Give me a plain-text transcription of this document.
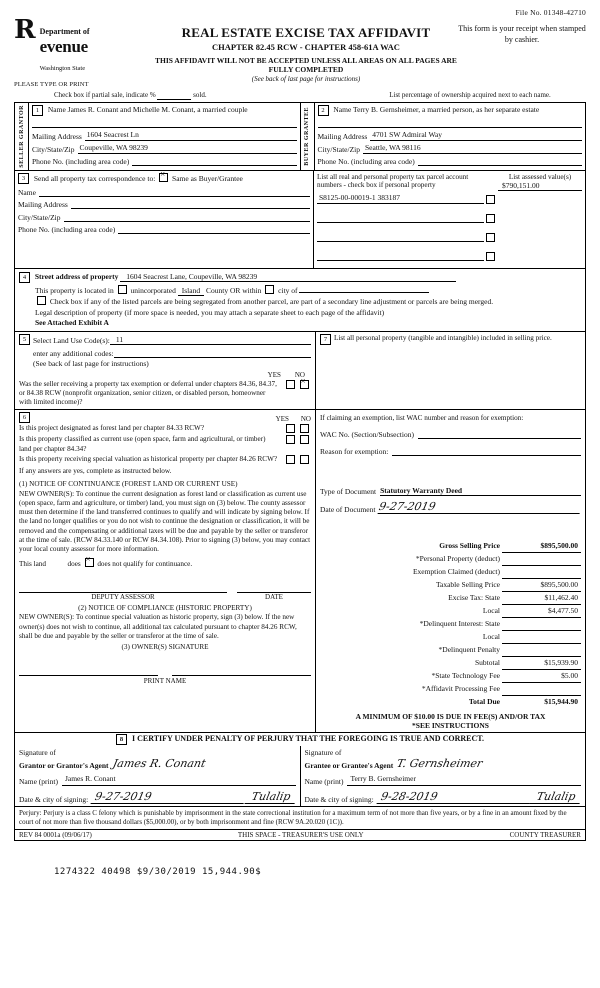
File No. 01348-42710
R Department of
evenue
Washington State
PLEASE TYPE OR PRINT
REAL ESTATE EXCISE TAX AFFIDAVIT
CHAPTER 82.45 RCW - CHAPTER 458-61A WAC
THIS AFFIDAVIT WILL NOT BE ACCEPTED UNLESS ALL AREAS ON ALL PAGES ARE FULLY COMPLETED
(See back of last page for instructions)
This form is your receipt when stamped by cashier.
Check box if partial sale, indicate %	sold.	List percentage of ownership acquired next to each name.
SELLER GRANTOR	1 Name James R. Conant and Michelle M. Conant, a married couple
Mailing Address 1604 Seacrest Ln
City/State/Zip Coupeville, WA 98239
Phone No. (including area code)	BUYER GRANTEE	2 Name Terry B. Gernsheimer, a married person, as her separate estate
Mailing Address 4701 SW Admiral Way
City/State/Zip Seattle, WA 98116
Phone No. (including area code)
3 Send all property tax correspondence to: × Same as Buyer/Grantee
Name
Mailing Address
City/State/Zip
Phone No. (including area code)
List all real and personal property tax parcel account numbers - check box if personal property
S8125-00-00019-1 383187
List assessed value(s)
$790,151.00
4 Street address of property 1604 Seacrest Lane, Coupeville, WA 98239
This property is located in unincorporated Island County OR within city of
Check box if any of the listed parcels are being segregated from another parcel, are part of a secondary line adjustment or parcels are being merged.
Legal description of property (if more space is needed, you may attach a separate sheet to each page of the affidavit)
See Attached Exhibit A
5 Select Land Use Code(s): 11
enter any additional codes:
(See back of last page for instructions)
YES NO
Was the seller receiving a property tax exemption or deferral under chapters 84.36, 84.37, or 84.38 RCW (nonprofit organization, senior citizen, or disabled person, homeowner with limited income)?
×
7 List all personal property (tangible and intangible) included in selling price.
6	YES NO
Is this project designated as forest land per chapter 84.33 RCW?
Is this property classified as current use (open space, farm and agricultural, or timber) land per chapter 84.34?
Is this property receiving special valuation as historical property per chapter 84.26 RCW?
If any answers are yes, complete as instructed below.
(1) NOTICE OF CONTINUANCE (FOREST LAND OR CURRENT USE)
NEW OWNER(S): To continue the current designation as forest land or classification as current use (open space, farm and agriculture, or timber) land, you must sign on (3) below. The county assessor must then determine if the land transferred continues to qualify and will indicate by signing below. If the land no longer qualifies or you do not wish to continue the designation or classification, it will be removed and the compensating or additional taxes will be due and payable by the seller or transferor at the time of sale. (RCW 84.33.140 or RCW 84.34.108). Prior to signing (3) below, you may contact your local county assessor for more information.
This land	does × does not qualify for continuance.
DEPUTY ASSESSOR	DATE
(2) NOTICE OF COMPLIANCE (HISTORIC PROPERTY)
NEW OWNER(S): To continue special valuation as historic property, sign (3) below. If the new owner(s) does not wish to continue, all additional tax calculated pursuant to chapter 84.26 RCW, shall be due and payable by the seller or transferor at the time of sale.
(3) OWNER(S) SIGNATURE
PRINT NAME
If claiming an exemption, list WAC number and reason for exemption:
WAC No. (Section/Subsection)
Reason for exemption:
Type of Document Statutory Warranty Deed
Date of Document 9-27-2019
Gross Selling Price	$895,500.00
*Personal Property (deduct)	
Exemption Claimed (deduct)	
Taxable Selling Price	$895,500.00
Excise Tax: State	$11,462.40
Local	$4,477.50
*Delinquent Interest: State	
Local	
*Delinquent Penalty	
Subtotal	$15,939.90
*State Technology Fee	$5.00
*Affidavit Processing Fee	
Total Due	$15,944.90
A MINIMUM OF $10.00 IS DUE IN FEE(S) AND/OR TAX
*SEE INSTRUCTIONS
8 I CERTIFY UNDER PENALTY OF PERJURY THAT THE FOREGOING IS TRUE AND CORRECT.
Signature of
Grantor or Grantor's Agent James R. Conant
Name (print) James R. Conant
Date & city of signing: 9-27-2019	Tulalip
Signature of
Grantee or Grantee's Agent T. Gernsheimer
Name (print) Terry B. Gernsheimer
Date & city of signing: 9-28-2019	Tulalip
Perjury: Perjury is a class C felony which is punishable by imprisonment in the state correctional institution for a maximum term of not more than five years, or by a fine in an amount fixed by the court of not more than five thousand dollars ($5,000.00), or by both imprisonment and fine (RCW 9A.20.020 (1C)).
REV 84 0001a (09/06/17)	THIS SPACE - TREASURER'S USE ONLY	COUNTY TREASURER
1274322 40498 $9/30/2019 15,944.90$
